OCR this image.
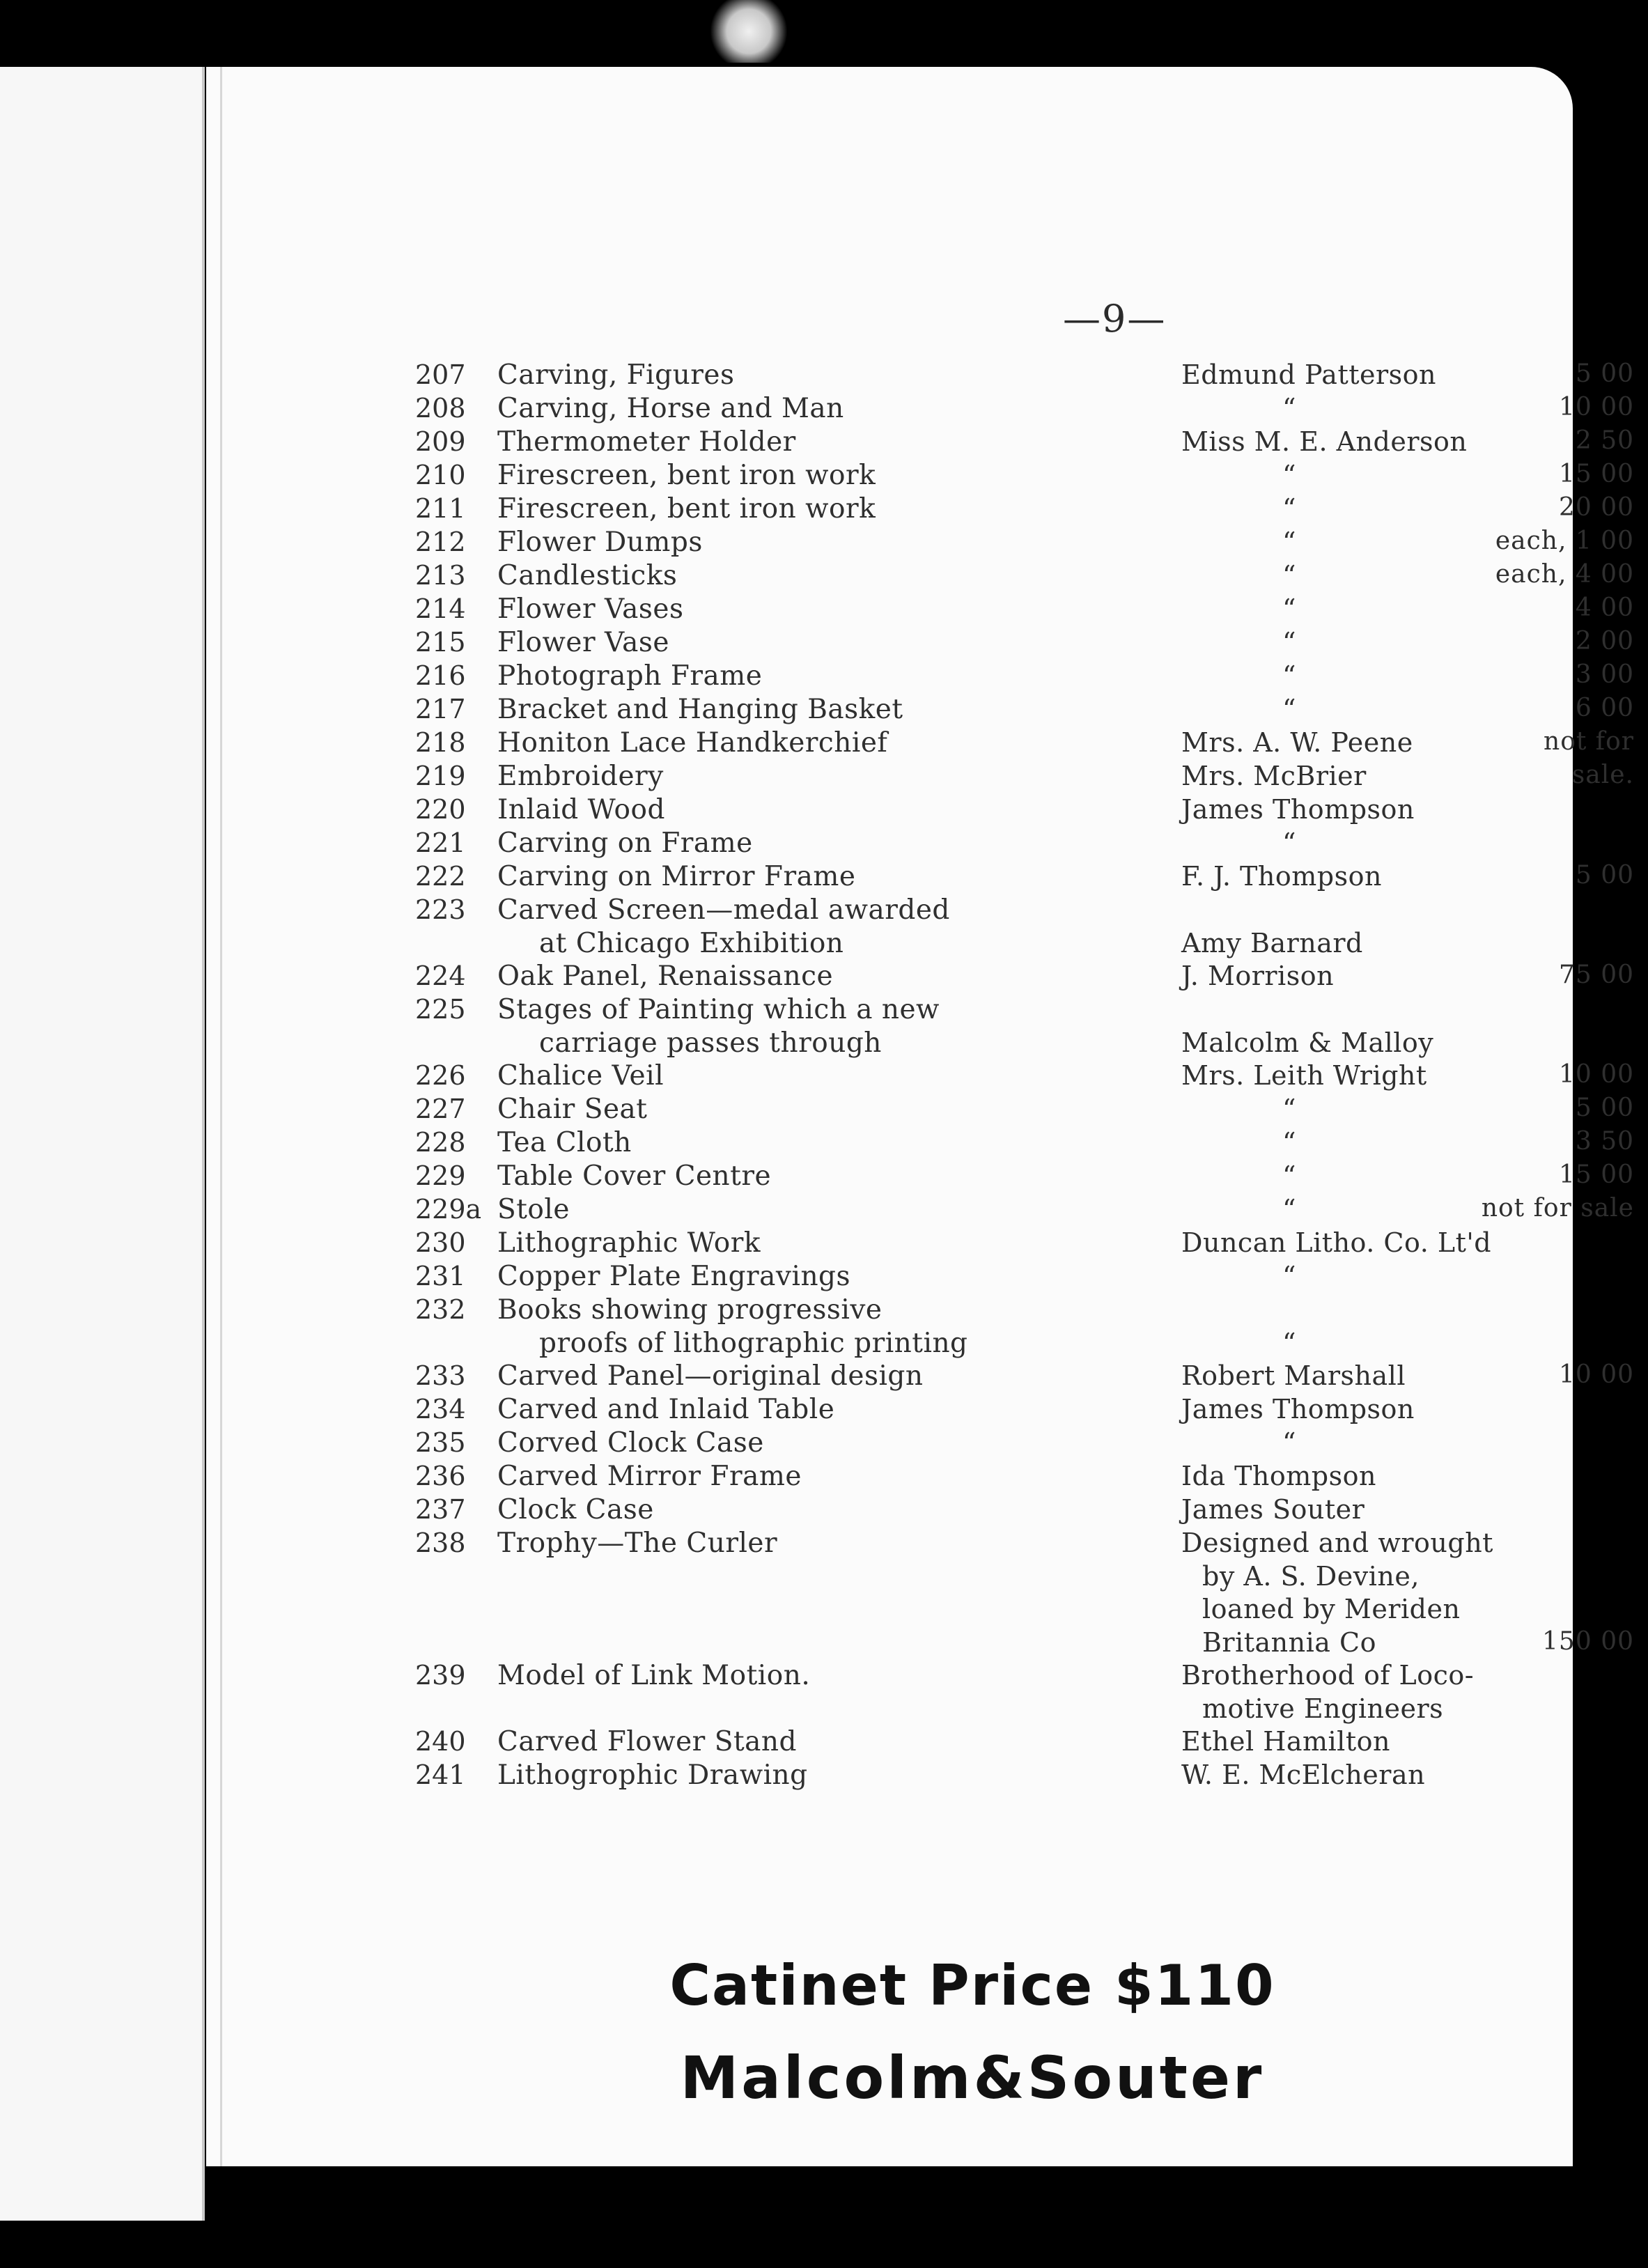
—9—
207	Carving, Figures	Edmund Patterson	5 00
208	Carving, Horse and Man	“	10 00
209	Thermometer Holder	Miss M. E. Anderson	2 50
210	Firescreen, bent iron work	“	15 00
211	Firescreen, bent iron work	“	20 00
212	Flower Dumps	“	each, 1 00
213	Candlesticks	“	each, 4 00
214	Flower Vases	“	4 00
215	Flower Vase	“	2 00
216	Photograph Frame	“	3 00
217	Bracket and Hanging Basket	“	6 00
218	Honiton Lace Handkerchief	Mrs. A. W. Peene	not for
219	Embroidery	Mrs. McBrier	sale.
220	Inlaid Wood	James Thompson
221	Carving on Frame	“
222	Carving on Mirror Frame	F. J. Thompson	5 00
223	Carved Screen—medal awarded
at Chicago Exhibition	Amy Barnard
224	Oak Panel, Renaissance	J. Morrison	75 00
225	Stages of Painting which a new
carriage passes through	Malcolm & Malloy
226	Chalice Veil	Mrs. Leith Wright	10 00
227	Chair Seat	“	5 00
228	Tea Cloth	“	3 50
229	Table Cover Centre	“	15 00
229a Stole	“	not for sale
230	Lithographic Work	Duncan Litho. Co. Lt'd
231	Copper Plate Engravings	“
232	Books showing progressive
proofs of lithographic printing	“
233	Carved Panel—original design	Robert Marshall	10 00
234	Carved and Inlaid Table	James Thompson
235	Corved Clock Case	“
236	Carved Mirror Frame	Ida Thompson
237	Clock Case	James Souter
238	Trophy—The Curler	Designed and wrought
by A. S. Devine,
loaned by Meriden
Britannia Co	150 00
239	Model of Link Motion.	Brotherhood of Loco-
motive Engineers
240	Carved Flower Stand	Ethel Hamilton
241	Lithogrophic Drawing	W. E. McElcheran
Catinet Price $110
Malcolm&Souter
